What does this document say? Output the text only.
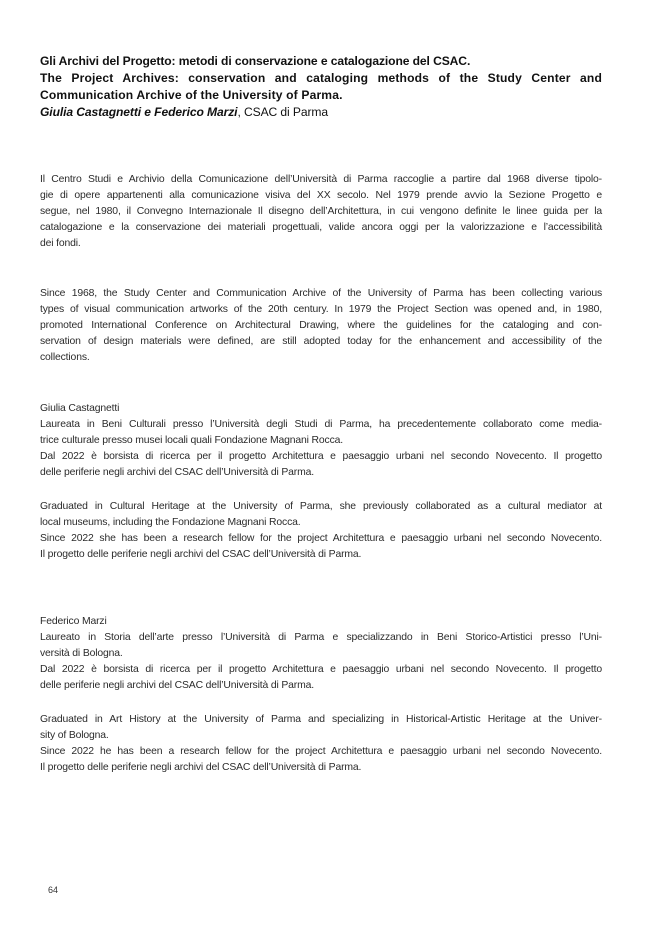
Gli Archivi del Progetto: metodi di conservazione e catalogazione del CSAC.

The Project Archives: conservation and cataloging methods of the Study Center and

Communication Archive of the University of Parma.

Giulia Castagnetti e Federico Marzi, CSAC di Parma

Il Centro Studi e Archivio della Comunicazione dell’Università di Parma raccoglie a partire dal 1968 diverse tipolo-
gie di opere appartenenti alla comunicazione visiva del XX secolo. Nel 1979 prende avvio la Sezione Progetto e
segue, nel 1980, il Convegno Internazionale Il disegno dell’Architettura, in cui vengono definite le linee guida per la
catalogazione e la conservazione dei materiali progettuali, valide ancora oggi per la valorizzazione e l’accessibilità
dei fondi.
Since 1968, the Study Center and Communication Archive of the University of Parma has been collecting various
types of visual communication artworks of the 20th century. In 1979 the Project Section was opened and, in 1980,
promoted International Conference on Architectural Drawing, where the guidelines for the cataloging and con-
servation of design materials were defined, are still adopted today for the enhancement and accessibility of the
collections.
Giulia Castagnetti
Laureata in Beni Culturali presso l’Università degli Studi di Parma, ha precedentemente collaborato come media-
trice culturale presso musei locali quali Fondazione Magnani Rocca.
Dal 2022 è borsista di ricerca per il progetto Architettura e paesaggio urbani nel secondo Novecento. Il progetto
delle periferie negli archivi del CSAC dell’Università di Parma.
Graduated in Cultural Heritage at the University of Parma, she previously collaborated as a cultural mediator at
local museums, including the Fondazione Magnani Rocca.
Since 2022 she has been a research fellow for the project Architettura e paesaggio urbani nel secondo Novecento.
Il progetto delle periferie negli archivi del CSAC dell’Università di Parma.
Federico Marzi
Laureato in Storia dell’arte presso l’Università di Parma e specializzando in Beni Storico-Artistici presso l’Uni-
versità di Bologna.
Dal 2022 è borsista di ricerca per il progetto Architettura e paesaggio urbani nel secondo Novecento. Il progetto
delle periferie negli archivi del CSAC dell’Università di Parma.
Graduated in Art History at the University of Parma and specializing in Historical-Artistic Heritage at the Univer-
sity of Bologna.
Since 2022 he has been a research fellow for the project Architettura e paesaggio urbani nel secondo Novecento.
Il progetto delle periferie negli archivi del CSAC dell’Università di Parma.
64
